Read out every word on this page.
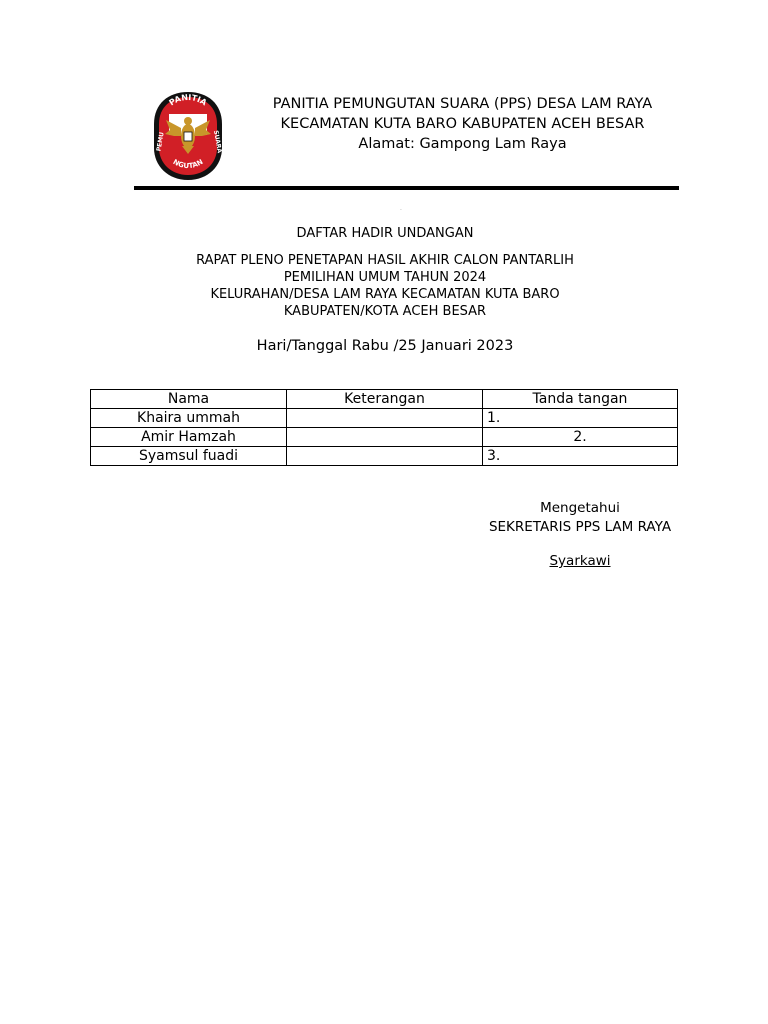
PANITIA
NGUTAN
PEMU	SUARA
PANITIA PEMUNGUTAN SUARA (PPS) DESA LAM RAYA
KECAMATAN KUTA BARO KABUPATEN ACEH BESAR
Alamat: Gampong Lam Raya
.
DAFTAR HADIR UNDANGAN
RAPAT PLENO PENETAPAN HASIL AKHIR CALON PANTARLIH
PEMILIHAN UMUM TAHUN 2024
KELURAHAN/DESA LAM RAYA KECAMATAN KUTA BARO
KABUPATEN/KOTA ACEH BESAR
Hari/Tanggal Rabu /25 Januari 2023
Nama	Keterangan	Tanda tangan
Khaira ummah		1.
Amir Hamzah		2.
Syamsul fuadi		3.
Mengetahui
SEKRETARIS PPS LAM RAYA
Syarkawi
